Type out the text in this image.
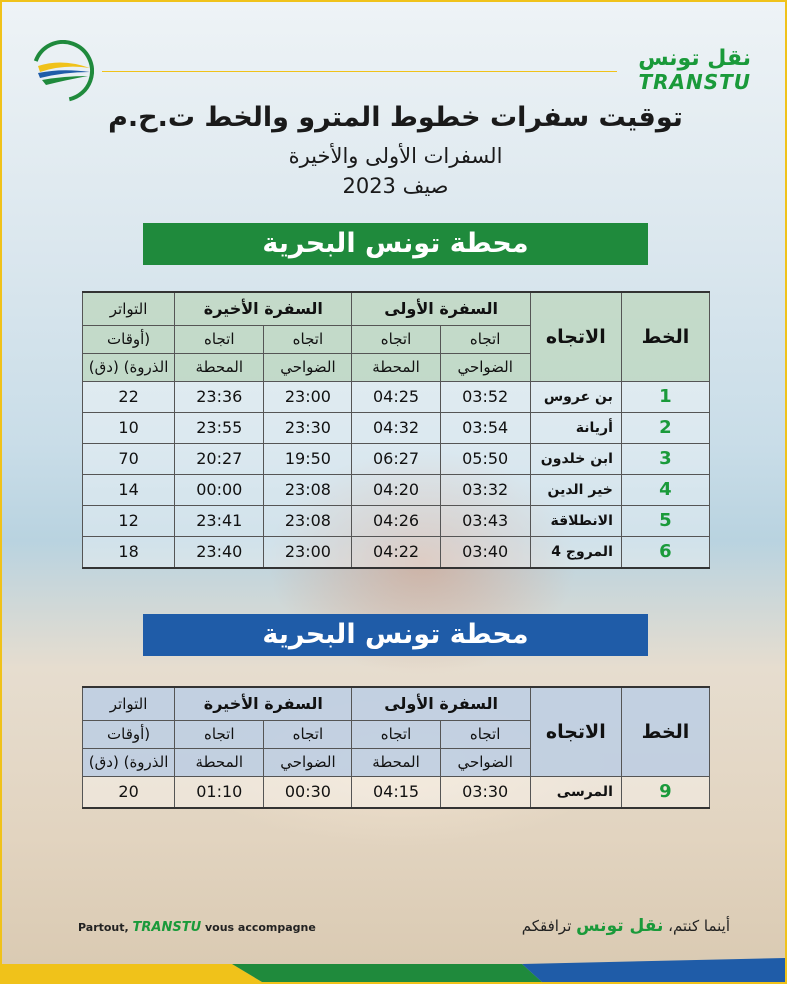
نقل تونس
TRANSTU
توقيت سفرات خطوط المترو والخط ت.ح.م
السفرات الأولى والأخيرة
صيف 2023
محطة تونس البحرية
الخط	الاتجاه	السفرة الأولى		السفرة الأخيرة		التواتر
		اتجاه	اتجاه	اتجاه	اتجاه	(أوقات
		الضواحي	المحطة	الضواحي	المحطة	الذروة) (دق)
1	بن عروس	03:52	04:25	23:00	23:36	22
2	أريانة	03:54	04:32	23:30	23:55	10
3	ابن خلدون	05:50	06:27	19:50	20:27	70
4	خير الدين	03:32	04:20	23:08	00:00	14
5	الانطلاقة	03:43	04:26	23:08	23:41	12
6	المروج 4	03:40	04:22	23:00	23:40	18
محطة تونس البحرية
الخط	الاتجاه	السفرة الأولى		السفرة الأخيرة		التواتر
		اتجاه	اتجاه	اتجاه	اتجاه	(أوقات
		الضواحي	المحطة	الضواحي	المحطة	الذروة) (دق)
9	المرسى	03:30	04:15	00:30	01:10	20
Partout, TRANSTU vous accompagne	أينما كنتم، نقل تونس ترافقكم
